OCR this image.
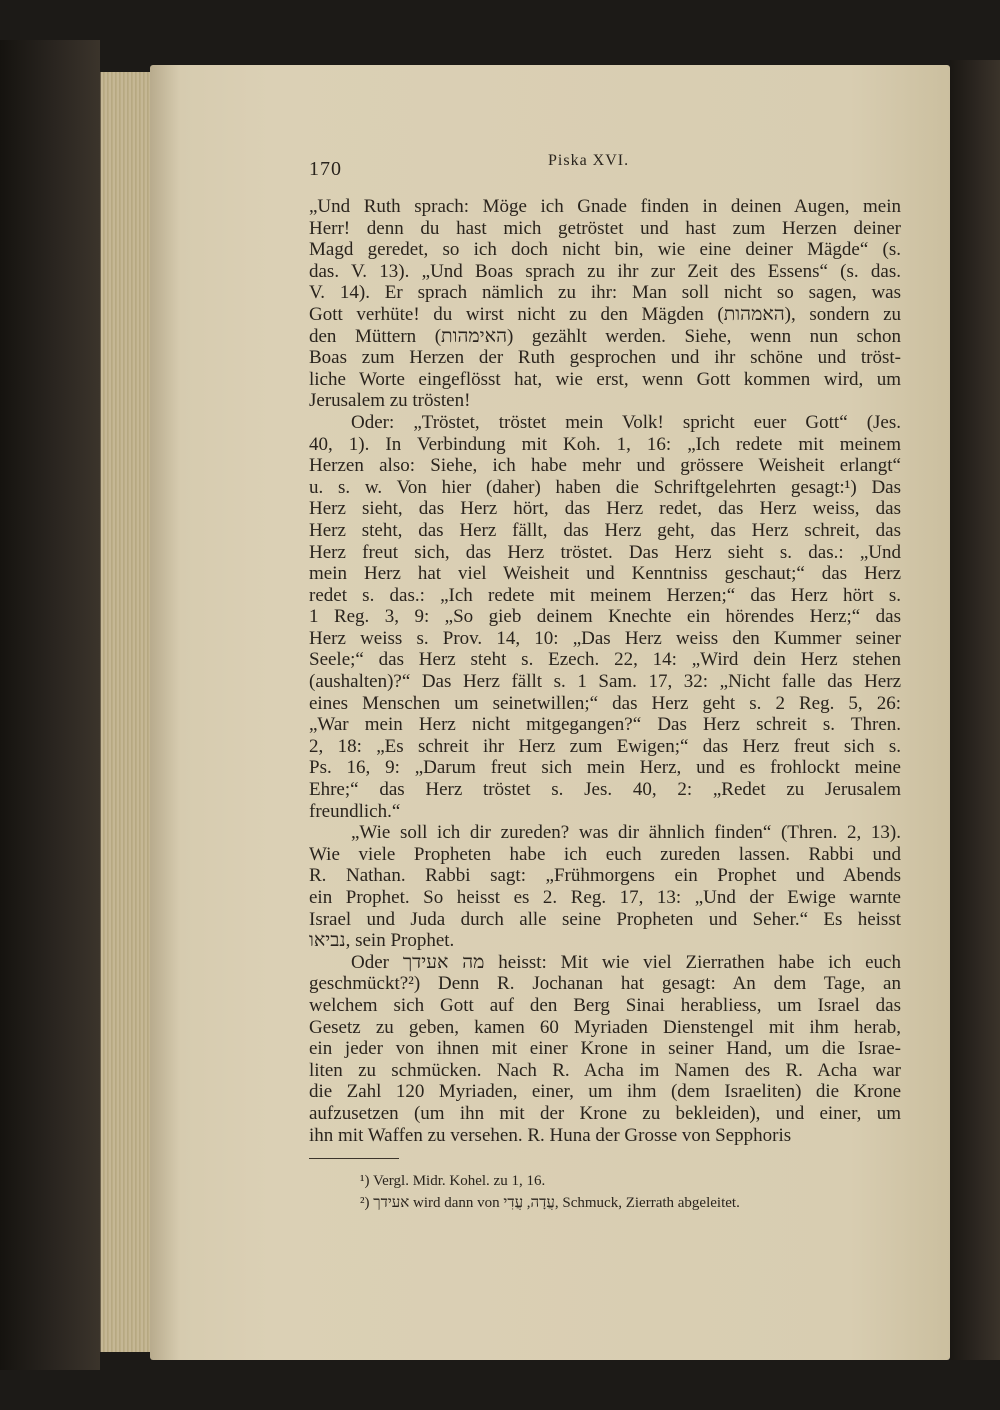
170	Piska XVI.
„Und Ruth sprach: Möge ich Gnade finden in deinen Augen, mein
Herr! denn du hast mich getröstet und hast zum Herzen deiner
Magd geredet, so ich doch nicht bin, wie eine deiner Mägde“ (s.
das. V. 13). „Und Boas sprach zu ihr zur Zeit des Essens“ (s. das.
V. 14). Er sprach nämlich zu ihr: Man soll nicht so sagen, was
Gott verhüte! du wirst nicht zu den Mägden (האמהות), sondern zu
den Müttern (האימהות) gezählt werden. Siehe, wenn nun schon
Boas zum Herzen der Ruth gesprochen und ihr schöne und tröst-
liche Worte eingeflösst hat, wie erst, wenn Gott kommen wird, um
Jerusalem zu trösten!
Oder: „Tröstet, tröstet mein Volk! spricht euer Gott“ (Jes.
40, 1). In Verbindung mit Koh. 1, 16: „Ich redete mit meinem
Herzen also: Siehe, ich habe mehr und grössere Weisheit erlangt“
u. s. w. Von hier (daher) haben die Schriftgelehrten gesagt:¹) Das
Herz sieht, das Herz hört, das Herz redet, das Herz weiss, das
Herz steht, das Herz fällt, das Herz geht, das Herz schreit, das
Herz freut sich, das Herz tröstet. Das Herz sieht s. das.: „Und
mein Herz hat viel Weisheit und Kenntniss geschaut;“ das Herz
redet s. das.: „Ich redete mit meinem Herzen;“ das Herz hört s.
1 Reg. 3, 9: „So gieb deinem Knechte ein hörendes Herz;“ das
Herz weiss s. Prov. 14, 10: „Das Herz weiss den Kummer seiner
Seele;“ das Herz steht s. Ezech. 22, 14: „Wird dein Herz stehen
(aushalten)?“ Das Herz fällt s. 1 Sam. 17, 32: „Nicht falle das Herz
eines Menschen um seinetwillen;“ das Herz geht s. 2 Reg. 5, 26:
„War mein Herz nicht mitgegangen?“ Das Herz schreit s. Thren.
2, 18: „Es schreit ihr Herz zum Ewigen;“ das Herz freut sich s.
Ps. 16, 9: „Darum freut sich mein Herz, und es frohlockt meine
Ehre;“ das Herz tröstet s. Jes. 40, 2: „Redet zu Jerusalem
freundlich.“
„Wie soll ich dir zureden? was dir ähnlich finden“ (Thren. 2, 13).
Wie viele Propheten habe ich euch zureden lassen. Rabbi und
R. Nathan. Rabbi sagt: „Frühmorgens ein Prophet und Abends
ein Prophet. So heisst es 2. Reg. 17, 13: „Und der Ewige warnte
Israel und Juda durch alle seine Propheten und Seher.“ Es heisst
נביאו, sein Prophet.
Oder מה אעידך heisst: Mit wie viel Zierrathen habe ich euch
geschmückt?²) Denn R. Jochanan hat gesagt: An dem Tage, an
welchem sich Gott auf den Berg Sinai herabliess, um Israel das
Gesetz zu geben, kamen 60 Myriaden Dienstengel mit ihm herab,
ein jeder von ihnen mit einer Krone in seiner Hand, um die Israe-
liten zu schmücken. Nach R. Acha im Namen des R. Acha war
die Zahl 120 Myriaden, einer, um ihm (dem Israeliten) die Krone
aufzusetzen (um ihn mit der Krone zu bekleiden), und einer, um
ihn mit Waffen zu versehen. R. Huna der Grosse von Sepphoris
¹) Vergl. Midr. Kohel. zu 1, 16.
²) אעידך wird dann von עֲדָה, עֲדִי, Schmuck, Zierrath abgeleitet.
